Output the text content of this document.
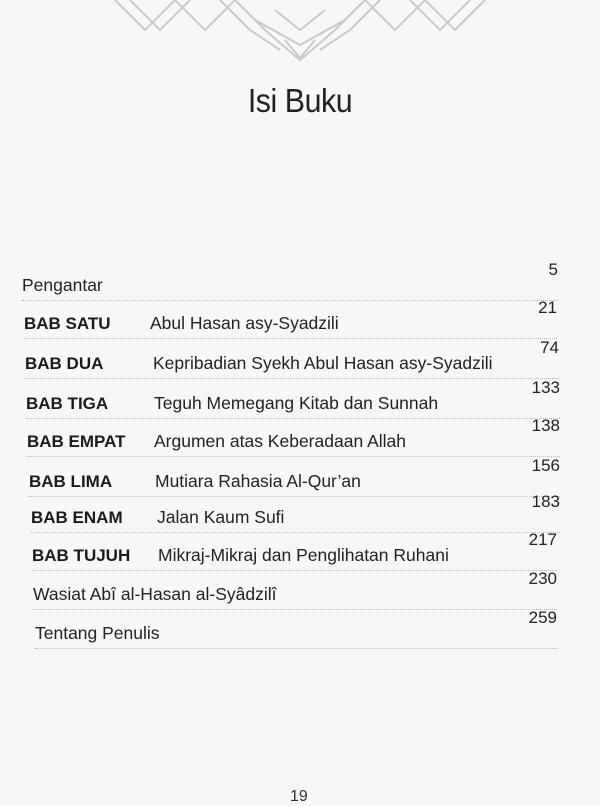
Isi Buku
Pengantar
5
BAB SATU Abul Hasan asy-Syadzili
21
BAB DUA	Kepribadian Syekh Abul Hasan asy-Syadzili
74
BAB TIGA	Teguh Memegang Kitab dan Sunnah
133
BAB EMPAT Argumen atas Keberadaan Allah
138
BAB LIMA Mutiara Rahasia Al-Qur’an
156
BAB ENAM Jalan Kaum Sufi
183
BAB TUJUH Mikraj-Mikraj dan Penglihatan Ruhani
217
Wasiat Abî al-Hasan al-Syâdzilî
230
Tentang Penulis
259
19
